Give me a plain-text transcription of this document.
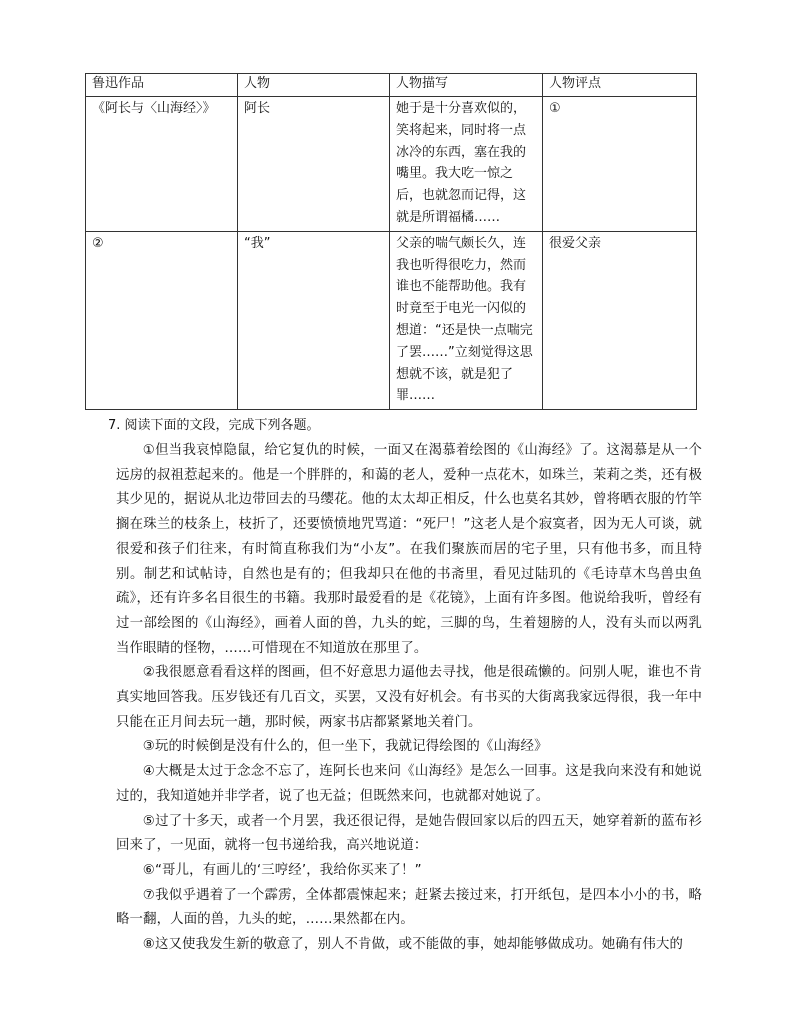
鲁迅作品	人物	人物描写	人物评点
《阿长与〈山海经〉》	阿长	她于是十分喜欢似的，笑将起来，同时将一点冰冷的东西，塞在我的嘴里。我大吃一惊之后，也就忽而记得，这就是所谓福橘……	①
②	“我”	父亲的喘气颇长久，连我也听得很吃力，然而谁也不能帮助他。我有时竟至于电光一闪似的想道：“还是快一点喘完了罢……”立刻觉得这思想就不该，就是犯了罪……	很爱父亲
7. 阅读下面的文段，完成下列各题。

①但当我哀悼隐鼠，给它复仇的时候，一面又在渴慕着绘图的《山海经》了。这渴慕是从一个远房的叔祖惹起来的。他是一个胖胖的，和蔼的老人，爱种一点花木，如珠兰，茉莉之类，还有极其少见的，据说从北边带回去的马缨花。他的太太却正相反，什么也莫名其妙，曾将晒衣服的竹竿搁在珠兰的枝条上，枝折了，还要愤愤地咒骂道：“死尸！”这老人是个寂寞者，因为无人可谈，就很爱和孩子们往来，有时简直称我们为“小友”。在我们聚族而居的宅子里，只有他书多，而且特别。制艺和试帖诗，自然也是有的；但我却只在他的书斋里，看见过陆玑的《毛诗草木鸟兽虫鱼疏》，还有许多名目很生的书籍。我那时最爱看的是《花镜》，上面有许多图。他说给我听，曾经有过一部绘图的《山海经》，画着人面的兽，九头的蛇，三脚的鸟，生着翅膀的人，没有头而以两乳当作眼睛的怪物，……可惜现在不知道放在那里了。

②我很愿意看看这样的图画，但不好意思力逼他去寻找，他是很疏懒的。问别人呢，谁也不肯真实地回答我。压岁钱还有几百文，买罢，又没有好机会。有书买的大街离我家远得很，我一年中只能在正月间去玩一趟，那时候，两家书店都紧紧地关着门。

③玩的时候倒是没有什么的，但一坐下，我就记得绘图的《山海经》

④大概是太过于念念不忘了，连阿长也来问《山海经》是怎么一回事。这是我向来没有和她说过的，我知道她并非学者，说了也无益；但既然来问，也就都对她说了。

⑤过了十多天，或者一个月罢，我还很记得，是她告假回家以后的四五天，她穿着新的蓝布衫回来了，一见面，就将一包书递给我，高兴地说道：

⑥“哥儿，有画儿的‘三哼经’，我给你买来了！”

⑦我似乎遇着了一个霹雳，全体都震悚起来；赶紧去接过来，打开纸包，是四本小小的书，略略一翻，人面的兽，九头的蛇，……果然都在内。

⑧这又使我发生新的敬意了，别人不肯做，或不能做的事，她却能够做成功。她确有伟大的
